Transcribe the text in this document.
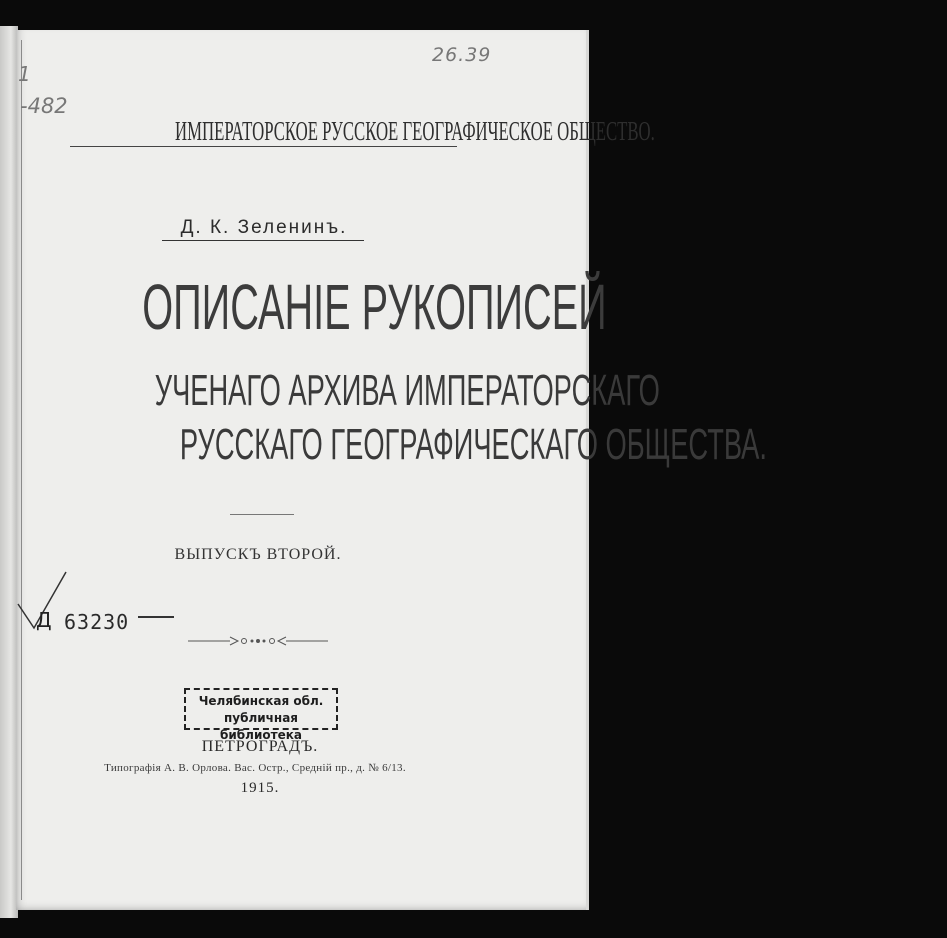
26.39
1
-482
ИМПЕРАТОРСКОЕ РУССКОЕ ГЕОГРАФИЧЕСКОЕ ОБЩЕСТВО.
Д. К. Зеленинъ.
ОПИСАНІЕ РУКОПИСЕЙ
УЧЕНАГО АРХИВА ИМПЕРАТОРСКАГО
РУССКАГО ГЕОГРАФИЧЕСКАГО ОБЩЕСТВА.
ВЫПУСКЪ ВТОРОЙ.
Д 63230
Челябинская обл.
публичная библиотека
ПЕТРОГРАДЪ.
Типографія А. В. Орлова. Вас. Остр., Средній пр., д. № 6/13.
1915.
